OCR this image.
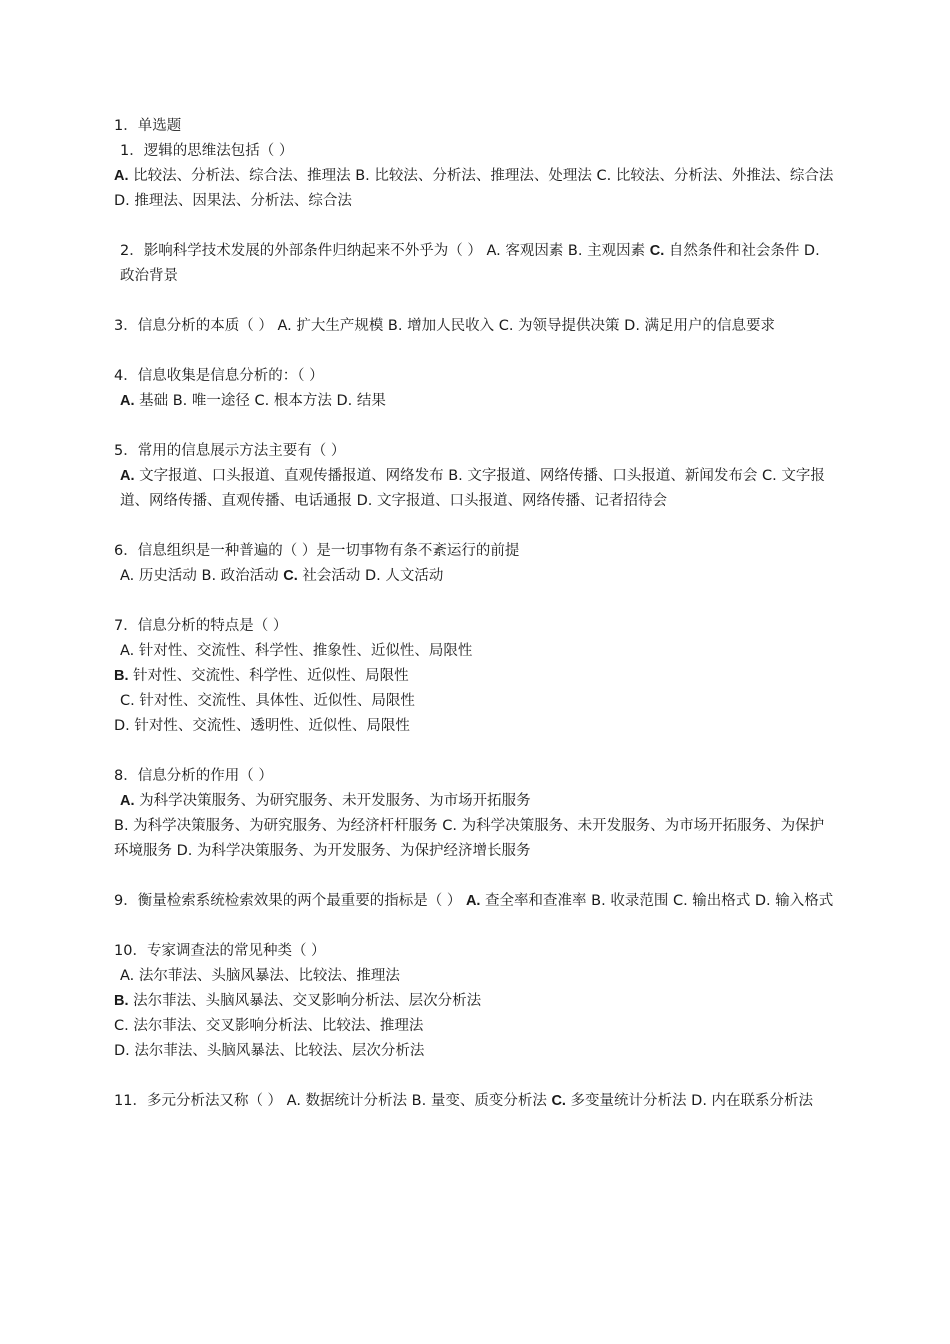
1．单选题

1．逻辑的思维法包括（ ）

A. 比较法、分析法、综合法、推理法 B. 比较法、分析法、推理法、处理法 C. 比较法、分析法、外推法、综合法 D. 推理法、因果法、分析法、综合法

2．影响科学技术发展的外部条件归纳起来不外乎为（ ） A. 客观因素 B. 主观因素 C. 自然条件和社会条件 D. 政治背景

3．信息分析的本质（ ） A. 扩大生产规模 B. 增加人民收入 C. 为领导提供决策 D. 满足用户的信息要求

4．信息收集是信息分析的：（ ）

A. 基础 B. 唯一途径 C. 根本方法 D. 结果

5．常用的信息展示方法主要有（ ）

A. 文字报道、口头报道、直观传播报道、网络发布 B. 文字报道、网络传播、口头报道、新闻发布会 C. 文字报道、网络传播、直观传播、电话通报 D. 文字报道、口头报道、网络传播、记者招待会

6．信息组织是一种普遍的（ ）是一切事物有条不紊运行的前提

A. 历史活动 B. 政治活动 C. 社会活动 D. 人文活动

7．信息分析的特点是（ ）

A. 针对性、交流性、科学性、推象性、近似性、局限性

B. 针对性、交流性、科学性、近似性、局限性

C. 针对性、交流性、具体性、近似性、局限性

D. 针对性、交流性、透明性、近似性、局限性

8．信息分析的作用（ ）

A. 为科学决策服务、为研究服务、未开发服务、为市场开拓服务

B. 为科学决策服务、为研究服务、为经济杆杆服务 C. 为科学决策服务、未开发服务、为市场开拓服务、为保护环境服务 D. 为科学决策服务、为开发服务、为保护经济增长服务

9．衡量检索系统检索效果的两个最重要的指标是（ ） A. 查全率和查准率 B. 收录范围 C. 输出格式 D. 输入格式

10．专家调查法的常见种类（ ）

A. 法尔菲法、头脑风暴法、比较法、推理法

B. 法尔菲法、头脑风暴法、交叉影响分析法、层次分析法

C. 法尔菲法、交叉影响分析法、比较法、推理法

D. 法尔菲法、头脑风暴法、比较法、层次分析法

11．多元分析法又称（ ） A. 数据统计分析法 B. 量变、质变分析法 C. 多变量统计分析法 D. 内在联系分析法
